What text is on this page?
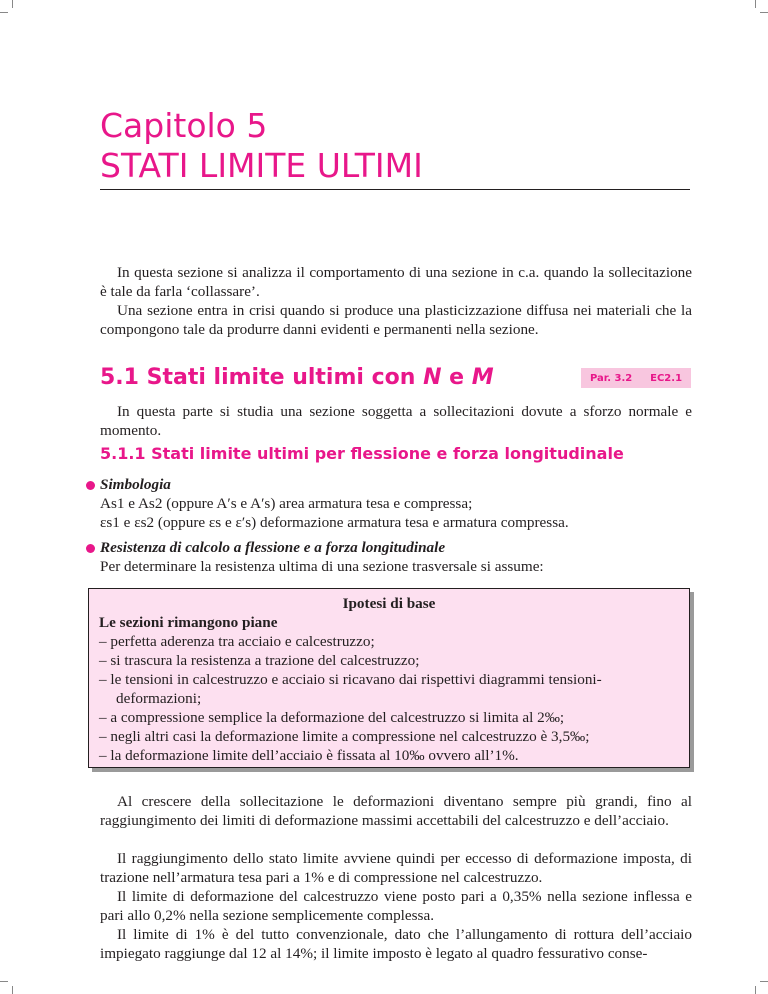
Capitolo 5
STATI LIMITE ULTIMI
In questa sezione si analizza il comportamento di una sezione in c.a. quando la sollecitazione è tale da farla ‘collassare’.
Una sezione entra in crisi quando si produce una plasticizzazione diffusa nei materiali che la compongono tale da produrre danni evidenti e permanenti nella sezione.
5.1 Stati limite ultimi con N e M	Par. 3.2 EC2.1
In questa parte si studia una sezione soggetta a sollecitazioni dovute a sforzo normale e momento.
5.1.1 Stati limite ultimi per flessione e forza longitudinale
Simbologia
As1 e As2 (oppure A′s e A′s) area armatura tesa e compressa;
εs1 e εs2 (oppure εs e ε′s) deformazione armatura tesa e armatura compressa.
Resistenza di calcolo a flessione e a forza longitudinale
Per determinare la resistenza ultima di una sezione trasversale si assume:
Ipotesi di base
Le sezioni rimangono piane
– perfetta aderenza tra acciaio e calcestruzzo;
– si trascura la resistenza a trazione del calcestruzzo;
– le tensioni in calcestruzzo e acciaio si ricavano dai rispettivi diagrammi tensioni-deformazioni;
– a compressione semplice la deformazione del calcestruzzo si limita al 2‰;
– negli altri casi la deformazione limite a compressione nel calcestruzzo è 3,5‰;
– la deformazione limite dell’acciaio è fissata al 10‰ ovvero all’1%.
Al crescere della sollecitazione le deformazioni diventano sempre più grandi, fino al raggiungimento dei limiti di deformazione massimi accettabili del calcestruzzo e dell’acciaio.
Il raggiungimento dello stato limite avviene quindi per eccesso di deformazione imposta, di trazione nell’armatura tesa pari a 1% e di compressione nel calcestruzzo.
Il limite di deformazione del calcestruzzo viene posto pari a 0,35% nella sezione inflessa e pari allo 0,2% nella sezione semplicemente complessa.
Il limite di 1% è del tutto convenzionale, dato che l’allungamento di rottura dell’acciaio impiegato raggiunge dal 12 al 14%; il limite imposto è legato al quadro fessurativo conse-
